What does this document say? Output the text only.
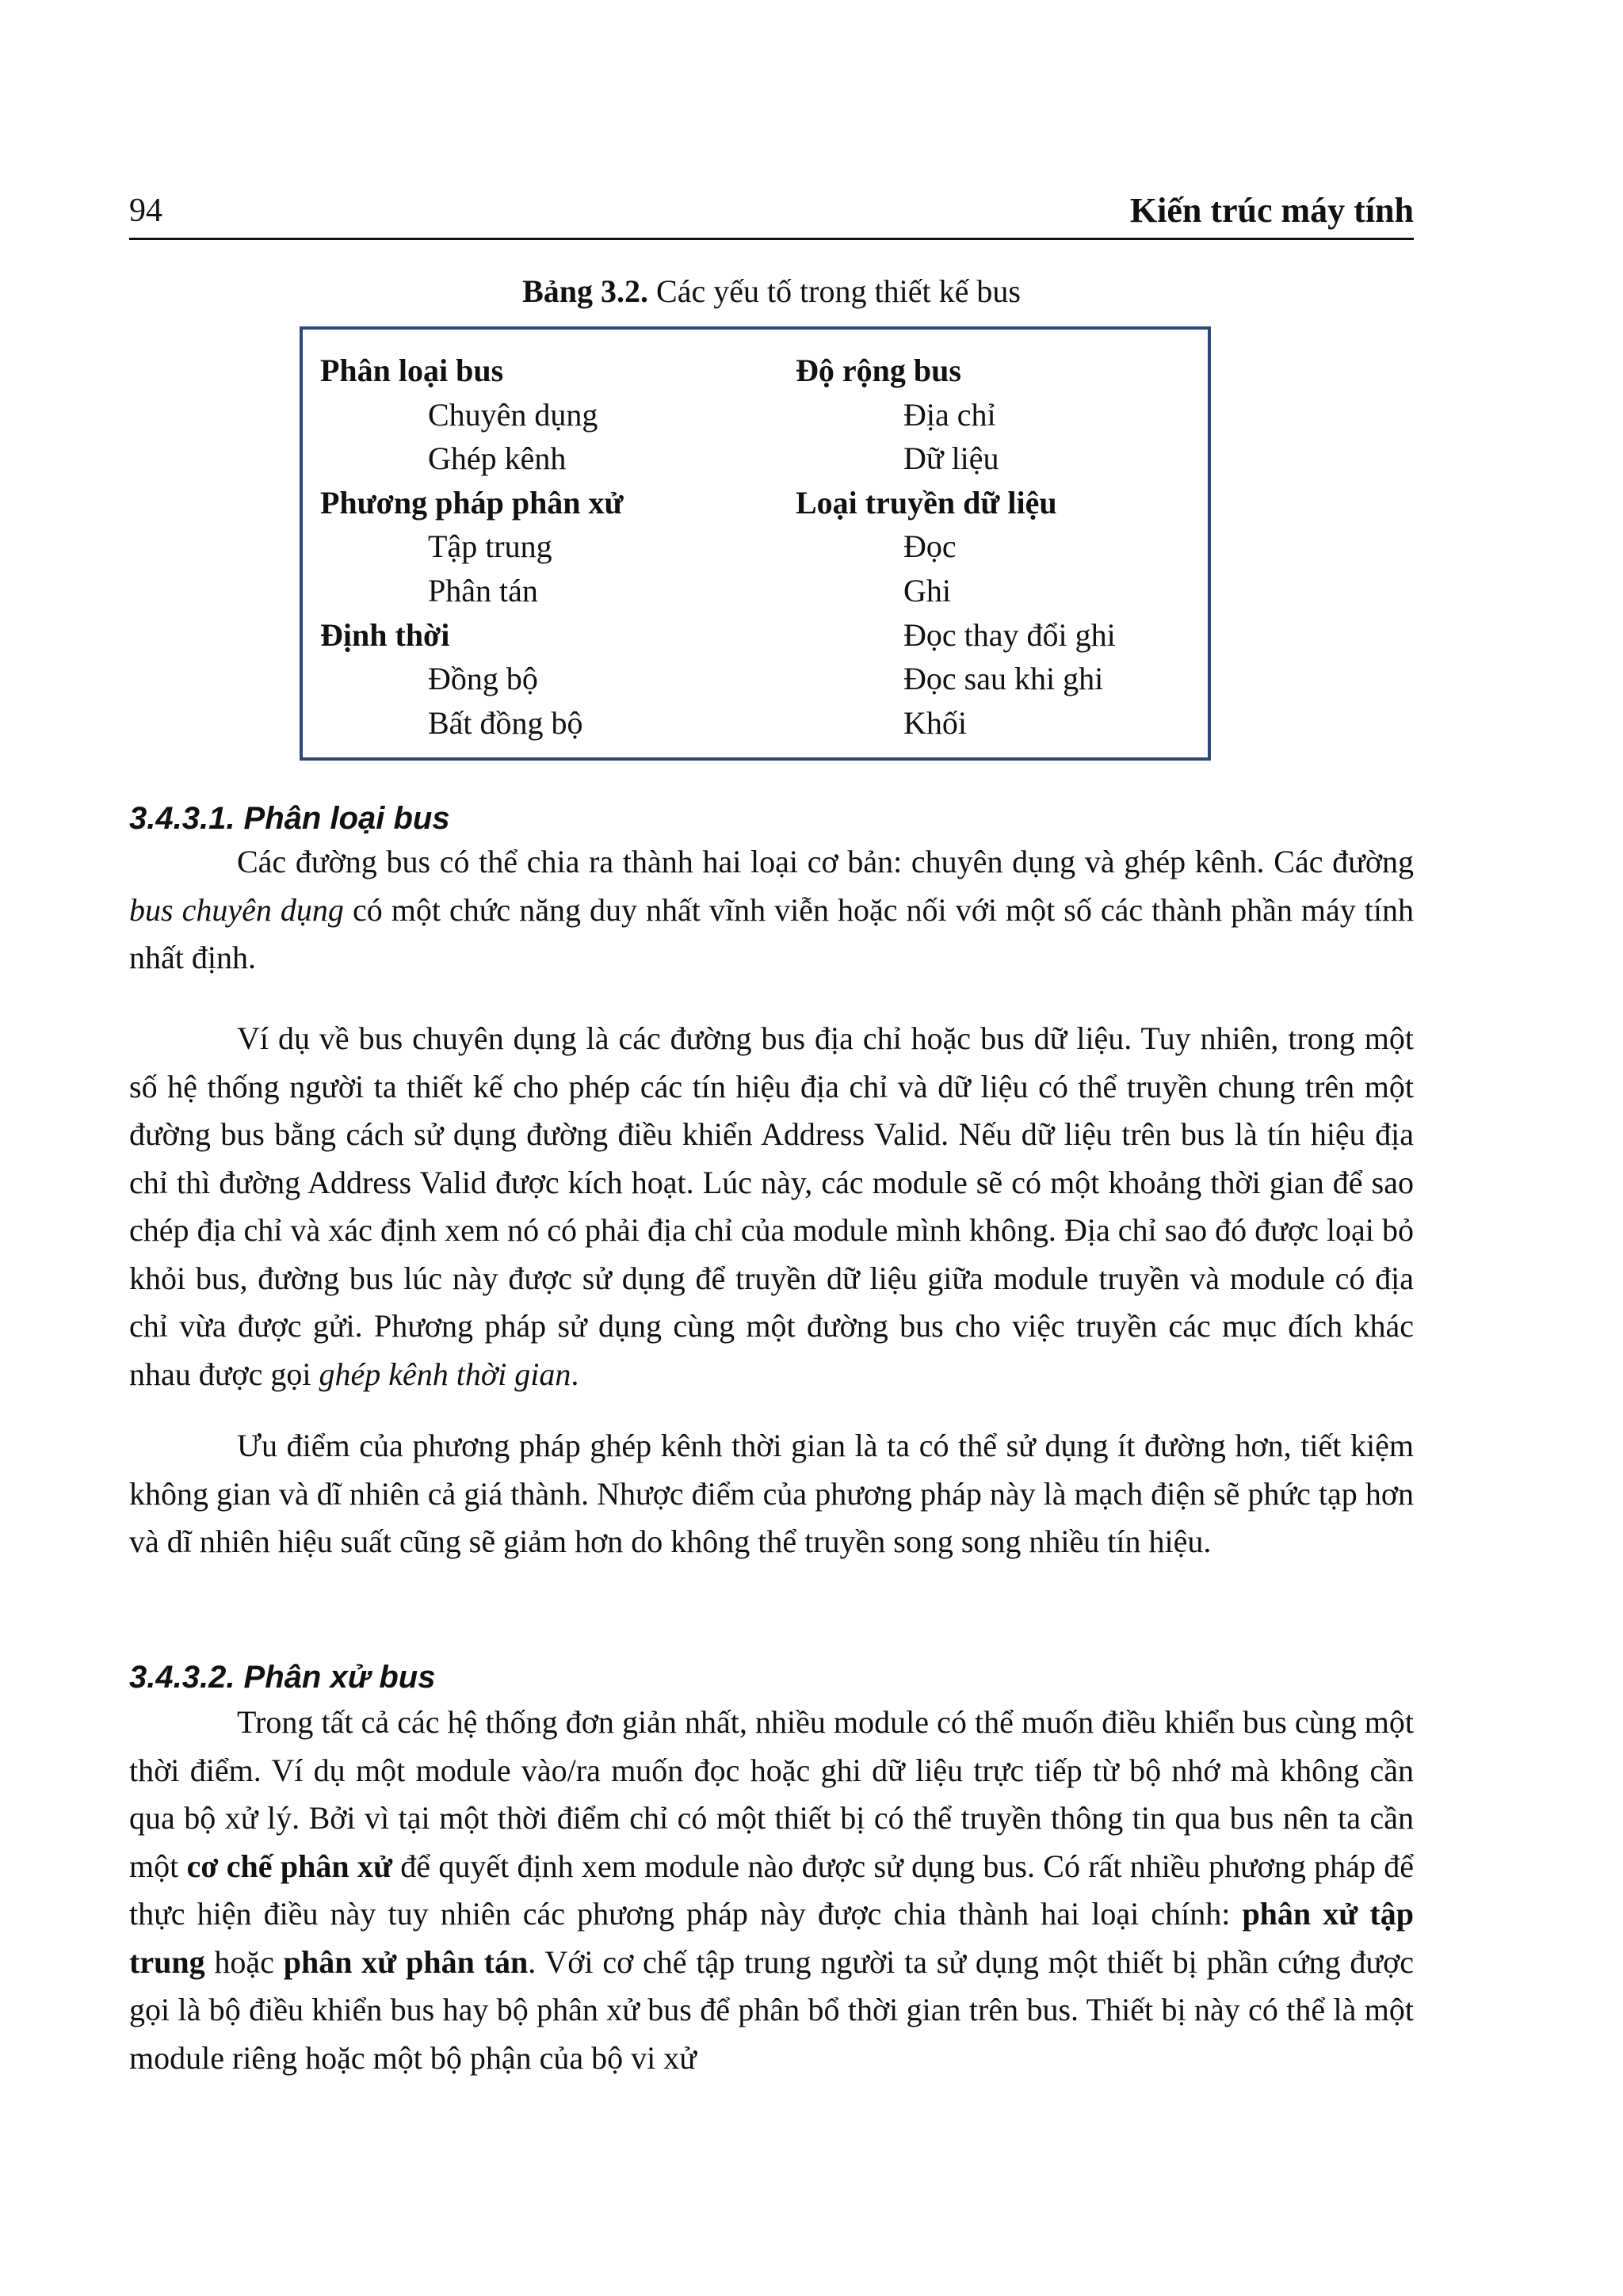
94	Kiến trúc máy tính
Bảng 3.2. Các yếu tố trong thiết kế bus
Phân loại bus
Chuyên dụng
Ghép kênh
Phương pháp phân xử
Tập trung
Phân tán
Định thời
Đồng bộ
Bất đồng bộ
Độ rộng bus
Địa chỉ
Dữ liệu
Loại truyền dữ liệu
Đọc
Ghi
Đọc thay đổi ghi
Đọc sau khi ghi
Khối
3.4.3.1. Phân loại bus

Các đường bus có thể chia ra thành hai loại cơ bản: chuyên dụng và ghép kênh. Các đường bus chuyên dụng có một chức năng duy nhất vĩnh viễn hoặc nối với một số các thành phần máy tính nhất định.

Ví dụ về bus chuyên dụng là các đường bus địa chỉ hoặc bus dữ liệu. Tuy nhiên, trong một số hệ thống người ta thiết kế cho phép các tín hiệu địa chỉ và dữ liệu có thể truyền chung trên một đường bus bằng cách sử dụng đường điều khiển Address Valid. Nếu dữ liệu trên bus là tín hiệu địa chỉ thì đường Address Valid được kích hoạt. Lúc này, các module sẽ có một khoảng thời gian để sao chép địa chỉ và xác định xem nó có phải địa chỉ của module mình không. Địa chỉ sao đó được loại bỏ khỏi bus, đường bus lúc này được sử dụng để truyền dữ liệu giữa module truyền và module có địa chỉ vừa được gửi. Phương pháp sử dụng cùng một đường bus cho việc truyền các mục đích khác nhau được gọi ghép kênh thời gian.

Ưu điểm của phương pháp ghép kênh thời gian là ta có thể sử dụng ít đường hơn, tiết kiệm không gian và dĩ nhiên cả giá thành. Nhược điểm của phương pháp này là mạch điện sẽ phức tạp hơn và dĩ nhiên hiệu suất cũng sẽ giảm hơn do không thể truyền song song nhiều tín hiệu.

3.4.3.2. Phân xử bus

Trong tất cả các hệ thống đơn giản nhất, nhiều module có thể muốn điều khiển bus cùng một thời điểm. Ví dụ một module vào/ra muốn đọc hoặc ghi dữ liệu trực tiếp từ bộ nhớ mà không cần qua bộ xử lý. Bởi vì tại một thời điểm chỉ có một thiết bị có thể truyền thông tin qua bus nên ta cần một cơ chế phân xử để quyết định xem module nào được sử dụng bus. Có rất nhiều phương pháp để thực hiện điều này tuy nhiên các phương pháp này được chia thành hai loại chính: phân xử tập trung hoặc phân xử phân tán. Với cơ chế tập trung người ta sử dụng một thiết bị phần cứng được gọi là bộ điều khiển bus hay bộ phân xử bus để phân bổ thời gian trên bus. Thiết bị này có thể là một module riêng hoặc một bộ phận của bộ vi xử
